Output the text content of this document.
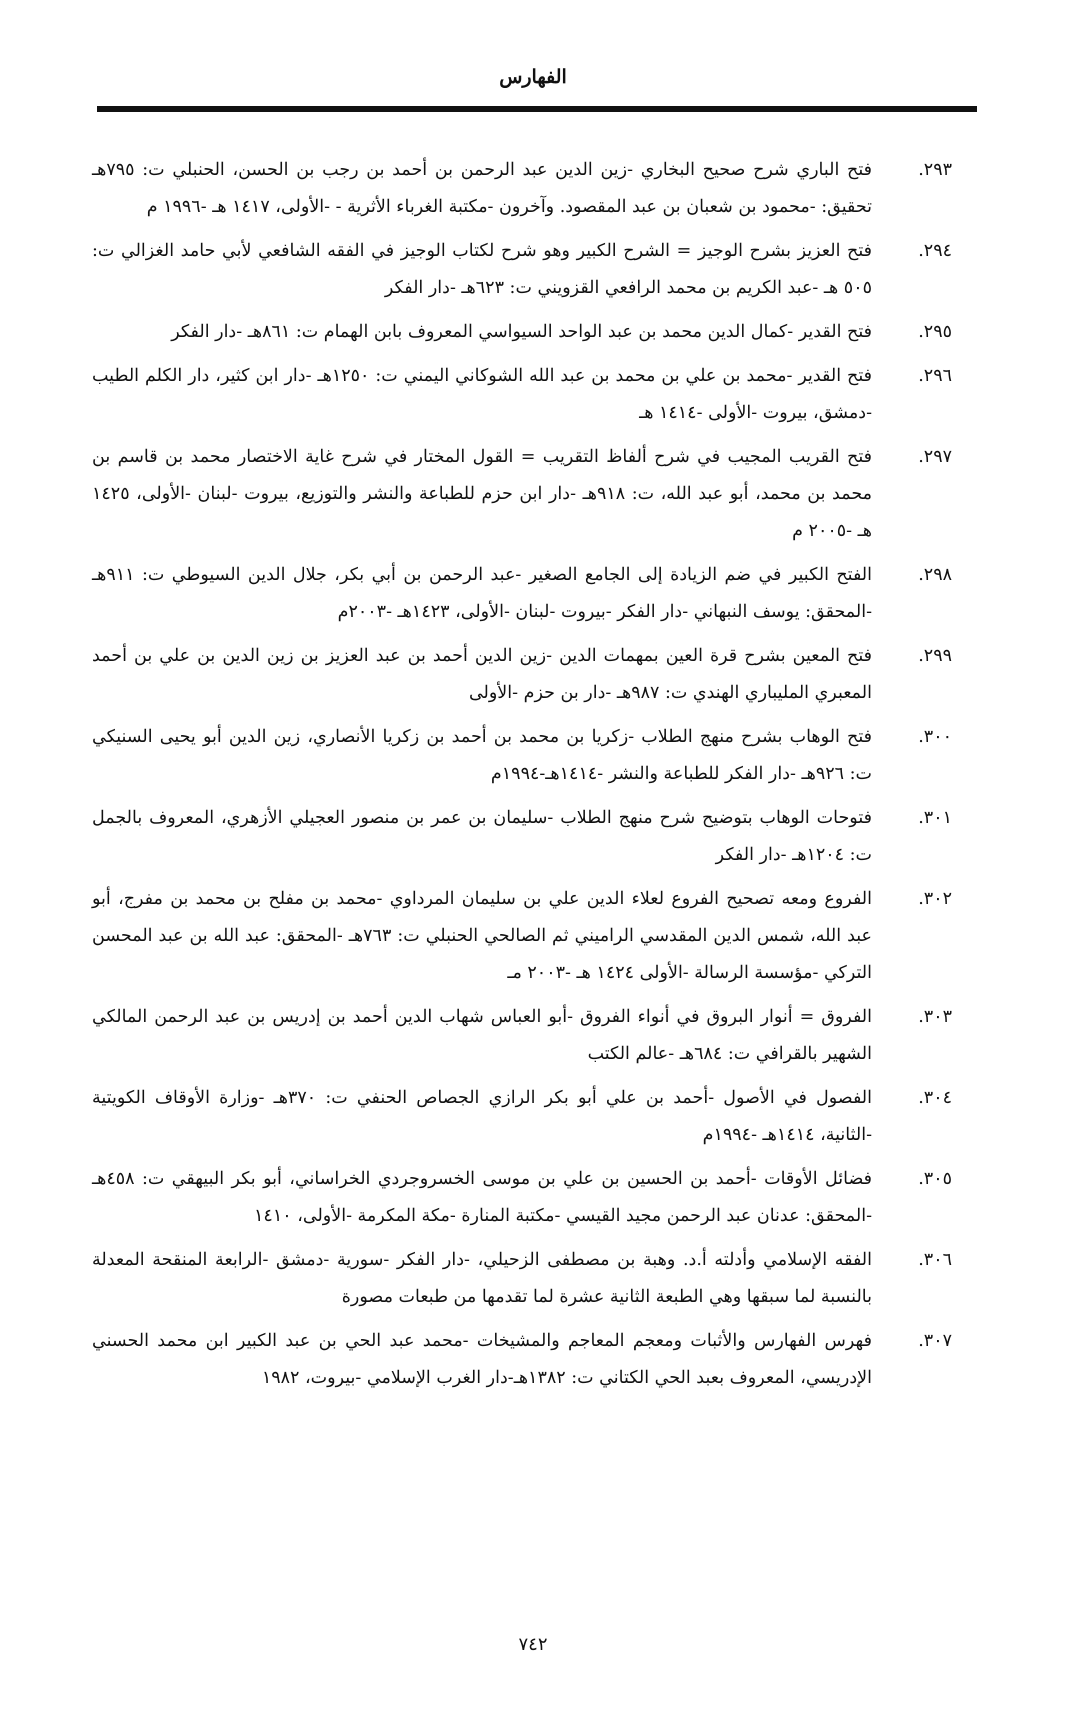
الفهارس
٢٩٣.
فتح الباري شرح صحيح البخاري -زين الدين عبد الرحمن بن أحمد بن رجب بن الحسن، الحنبلي ت: ٧٩٥هـ تحقيق: -محمود بن شعبان بن عبد المقصود. وآخرون -مكتبة الغرباء الأثرية - -الأولى، ١٤١٧ هـ -١٩٩٦ م
٢٩٤.
فتح العزيز بشرح الوجيز = الشرح الكبير وهو شرح لكتاب الوجيز في الفقه الشافعي لأبي حامد الغزالي ت: ٥٠٥ هـ -عبد الكريم بن محمد الرافعي القزويني ت: ٦٢٣هـ -دار الفكر
٢٩٥.
فتح القدير -كمال الدين محمد بن عبد الواحد السيواسي المعروف بابن الهمام ت: ٨٦١هـ -دار الفكر
٢٩٦.
فتح القدير -محمد بن علي بن محمد بن عبد الله الشوكاني اليمني ت: ١٢٥٠هـ -دار ابن كثير، دار الكلم الطيب -دمشق، بيروت -الأولى -١٤١٤ هـ
٢٩٧.
فتح القريب المجيب في شرح ألفاظ التقريب = القول المختار في شرح غاية الاختصار محمد بن قاسم بن محمد بن محمد، أبو عبد الله، ت: ٩١٨هـ -دار ابن حزم للطباعة والنشر والتوزيع، بيروت -لبنان -الأولى، ١٤٢٥ هـ -٢٠٠٥ م
٢٩٨.
الفتح الكبير في ضم الزيادة إلى الجامع الصغير -عبد الرحمن بن أبي بكر، جلال الدين السيوطي ت: ٩١١هـ -المحقق: يوسف النبهاني -دار الفكر -بيروت -لبنان -الأولى، ١٤٢٣هـ -٢٠٠٣م
٢٩٩.
فتح المعين بشرح قرة العين بمهمات الدين -زين الدين أحمد بن عبد العزيز بن زين الدين بن علي بن أحمد المعبري المليباري الهندي ت: ٩٨٧هـ -دار بن حزم -الأولى
٣٠٠.
فتح الوهاب بشرح منهج الطلاب -زكريا بن محمد بن أحمد بن زكريا الأنصاري، زين الدين أبو يحيى السنيكي ت: ٩٢٦هـ -دار الفكر للطباعة والنشر -١٤١٤هـ-١٩٩٤م
٣٠١.
فتوحات الوهاب بتوضيح شرح منهج الطلاب -سليمان بن عمر بن منصور العجيلي الأزهري، المعروف بالجمل ت: ١٢٠٤هـ -دار الفكر
٣٠٢.
الفروع ومعه تصحيح الفروع لعلاء الدين علي بن سليمان المرداوي -محمد بن مفلح بن محمد بن مفرج، أبو عبد الله، شمس الدين المقدسي الراميني ثم الصالحي الحنبلي ت: ٧٦٣هـ -المحقق: عبد الله بن عبد المحسن التركي -مؤسسة الرسالة -الأولى ١٤٢٤ هـ -٢٠٠٣ مـ
٣٠٣.
الفروق = أنوار البروق في أنواء الفروق -أبو العباس شهاب الدين أحمد بن إدريس بن عبد الرحمن المالكي الشهير بالقرافي ت: ٦٨٤هـ -عالم الكتب
٣٠٤.
الفصول في الأصول -أحمد بن علي أبو بكر الرازي الجصاص الحنفي ت: ٣٧٠هـ -وزارة الأوقاف الكويتية -الثانية، ١٤١٤هـ -١٩٩٤م
٣٠٥.
فضائل الأوقات -أحمد بن الحسين بن علي بن موسى الخسروجردي الخراساني، أبو بكر البيهقي ت: ٤٥٨هـ -المحقق: عدنان عبد الرحمن مجيد القيسي -مكتبة المنارة -مكة المكرمة -الأولى، ١٤١٠
٣٠٦.
الفقه الإسلامي وأدلته أ.د. وهبة بن مصطفى الزحيلي، -دار الفكر -سورية -دمشق -الرابعة المنقحة المعدلة بالنسبة لما سبقها وهي الطبعة الثانية عشرة لما تقدمها من طبعات مصورة
٣٠٧.
فهرس الفهارس والأثبات ومعجم المعاجم والمشيخات -محمد عبد الحي بن عبد الكبير ابن محمد الحسني الإدريسي، المعروف بعبد الحي الكتاني ت: ١٣٨٢هـ-دار الغرب الإسلامي -بيروت، ١٩٨٢
٧٤٢
